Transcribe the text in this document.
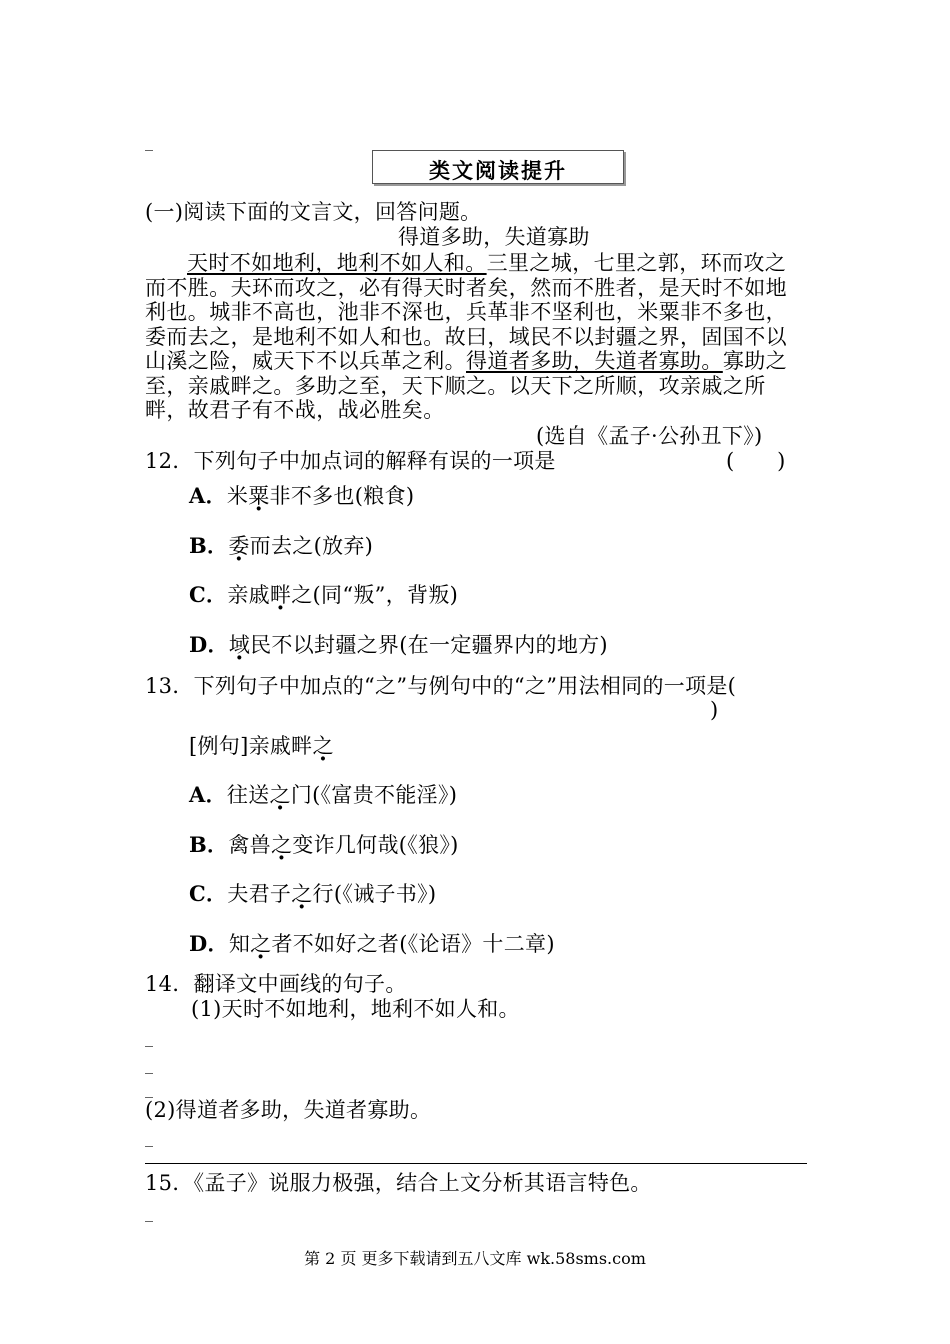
_
类文阅读提升
(一)阅读下面的文言文，回答问题。
得道多助，失道寡助
天时不如地利，地利不如人和。三里之城，七里之郭，环而攻之而不胜。夫环而攻之，必有得天时者矣，然而不胜者，是天时不如地利也。城非不高也，池非不深也，兵革非不坚利也，米粟非不多也，委而去之，是地利不如人和也。故曰，域民不以封疆之界，固国不以山溪之险，威天下不以兵革之利。得道者多助，失道者寡助。寡助之至，亲戚畔之。多助之至，天下顺之。以天下之所顺，攻亲戚之所畔，故君子有不战，战必胜矣。
(选自《孟子·公孙丑下》)
12．下列句子中加点词的解释有误的一项是	(　　)
A．米粟非不多也(粮食)
B．委而去之(放弃)
C．亲戚畔之(同“叛”，背叛)
D．域民不以封疆之界(在一定疆界内的地方)
13．下列句子中加点的“之”与例句中的“之”用法相同的一项是(
)
[例句]亲戚畔之
A．往送之门(《富贵不能淫》)
B．禽兽之变诈几何哉(《狼》)
C．夫君子之行(《诫子书》)
D．知之者不如好之者(《论语》十二章)
14．翻译文中画线的句子。
(1)天时不如地利，地利不如人和。
_
_
_
(2)得道者多助，失道者寡助。
_
15．《孟子》说服力极强，结合上文分析其语言特色。
_
第 2 页 更多下载请到五八文库 wk.58sms.com
